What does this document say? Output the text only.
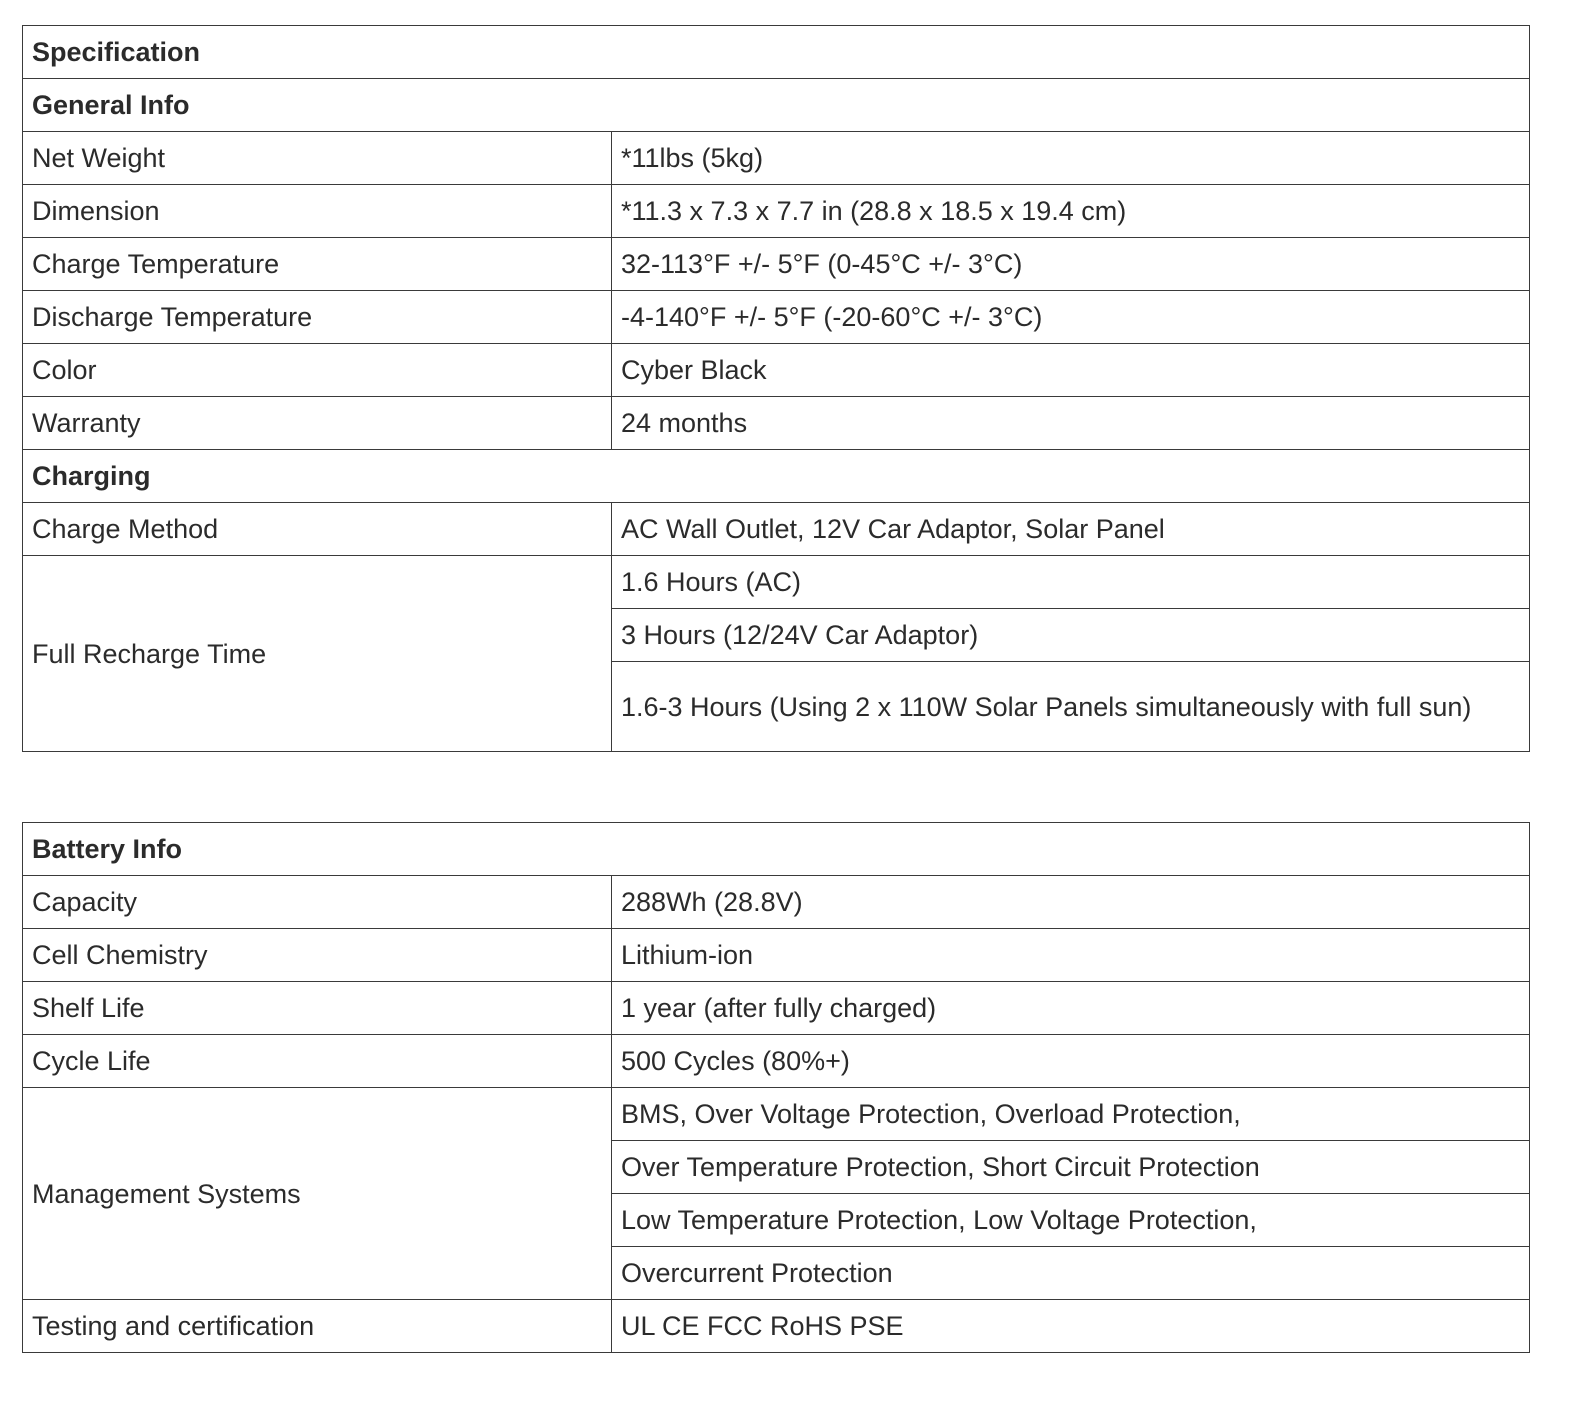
Specification	
General Info	
Net Weight	*11lbs (5kg)
Dimension	*11.3 x 7.3 x 7.7 in (28.8 x 18.5 x 19.4 cm)
Charge Temperature	32-113°F +/- 5°F (0-45°C +/- 3°C)
Discharge Temperature	-4-140°F +/- 5°F (-20-60°C +/- 3°C)
Color	Cyber Black
Warranty	24 months
Charging	
Charge Method	AC Wall Outlet, 12V Car Adaptor, Solar Panel
Full Recharge Time	1.6 Hours (AC)
	3 Hours (12/24V Car Adaptor)
	1.6-3 Hours (Using 2 x 110W Solar Panels simultaneously with full sun)
Battery Info	
Capacity	288Wh (28.8V)
Cell Chemistry	Lithium-ion
Shelf Life	1 year (after fully charged)
Cycle Life	500 Cycles (80%+)
Management Systems	BMS, Over Voltage Protection, Overload Protection,
	Over Temperature Protection, Short Circuit Protection
	Low Temperature Protection, Low Voltage Protection,
	Overcurrent Protection
Testing and certification	UL CE FCC RoHS PSE
